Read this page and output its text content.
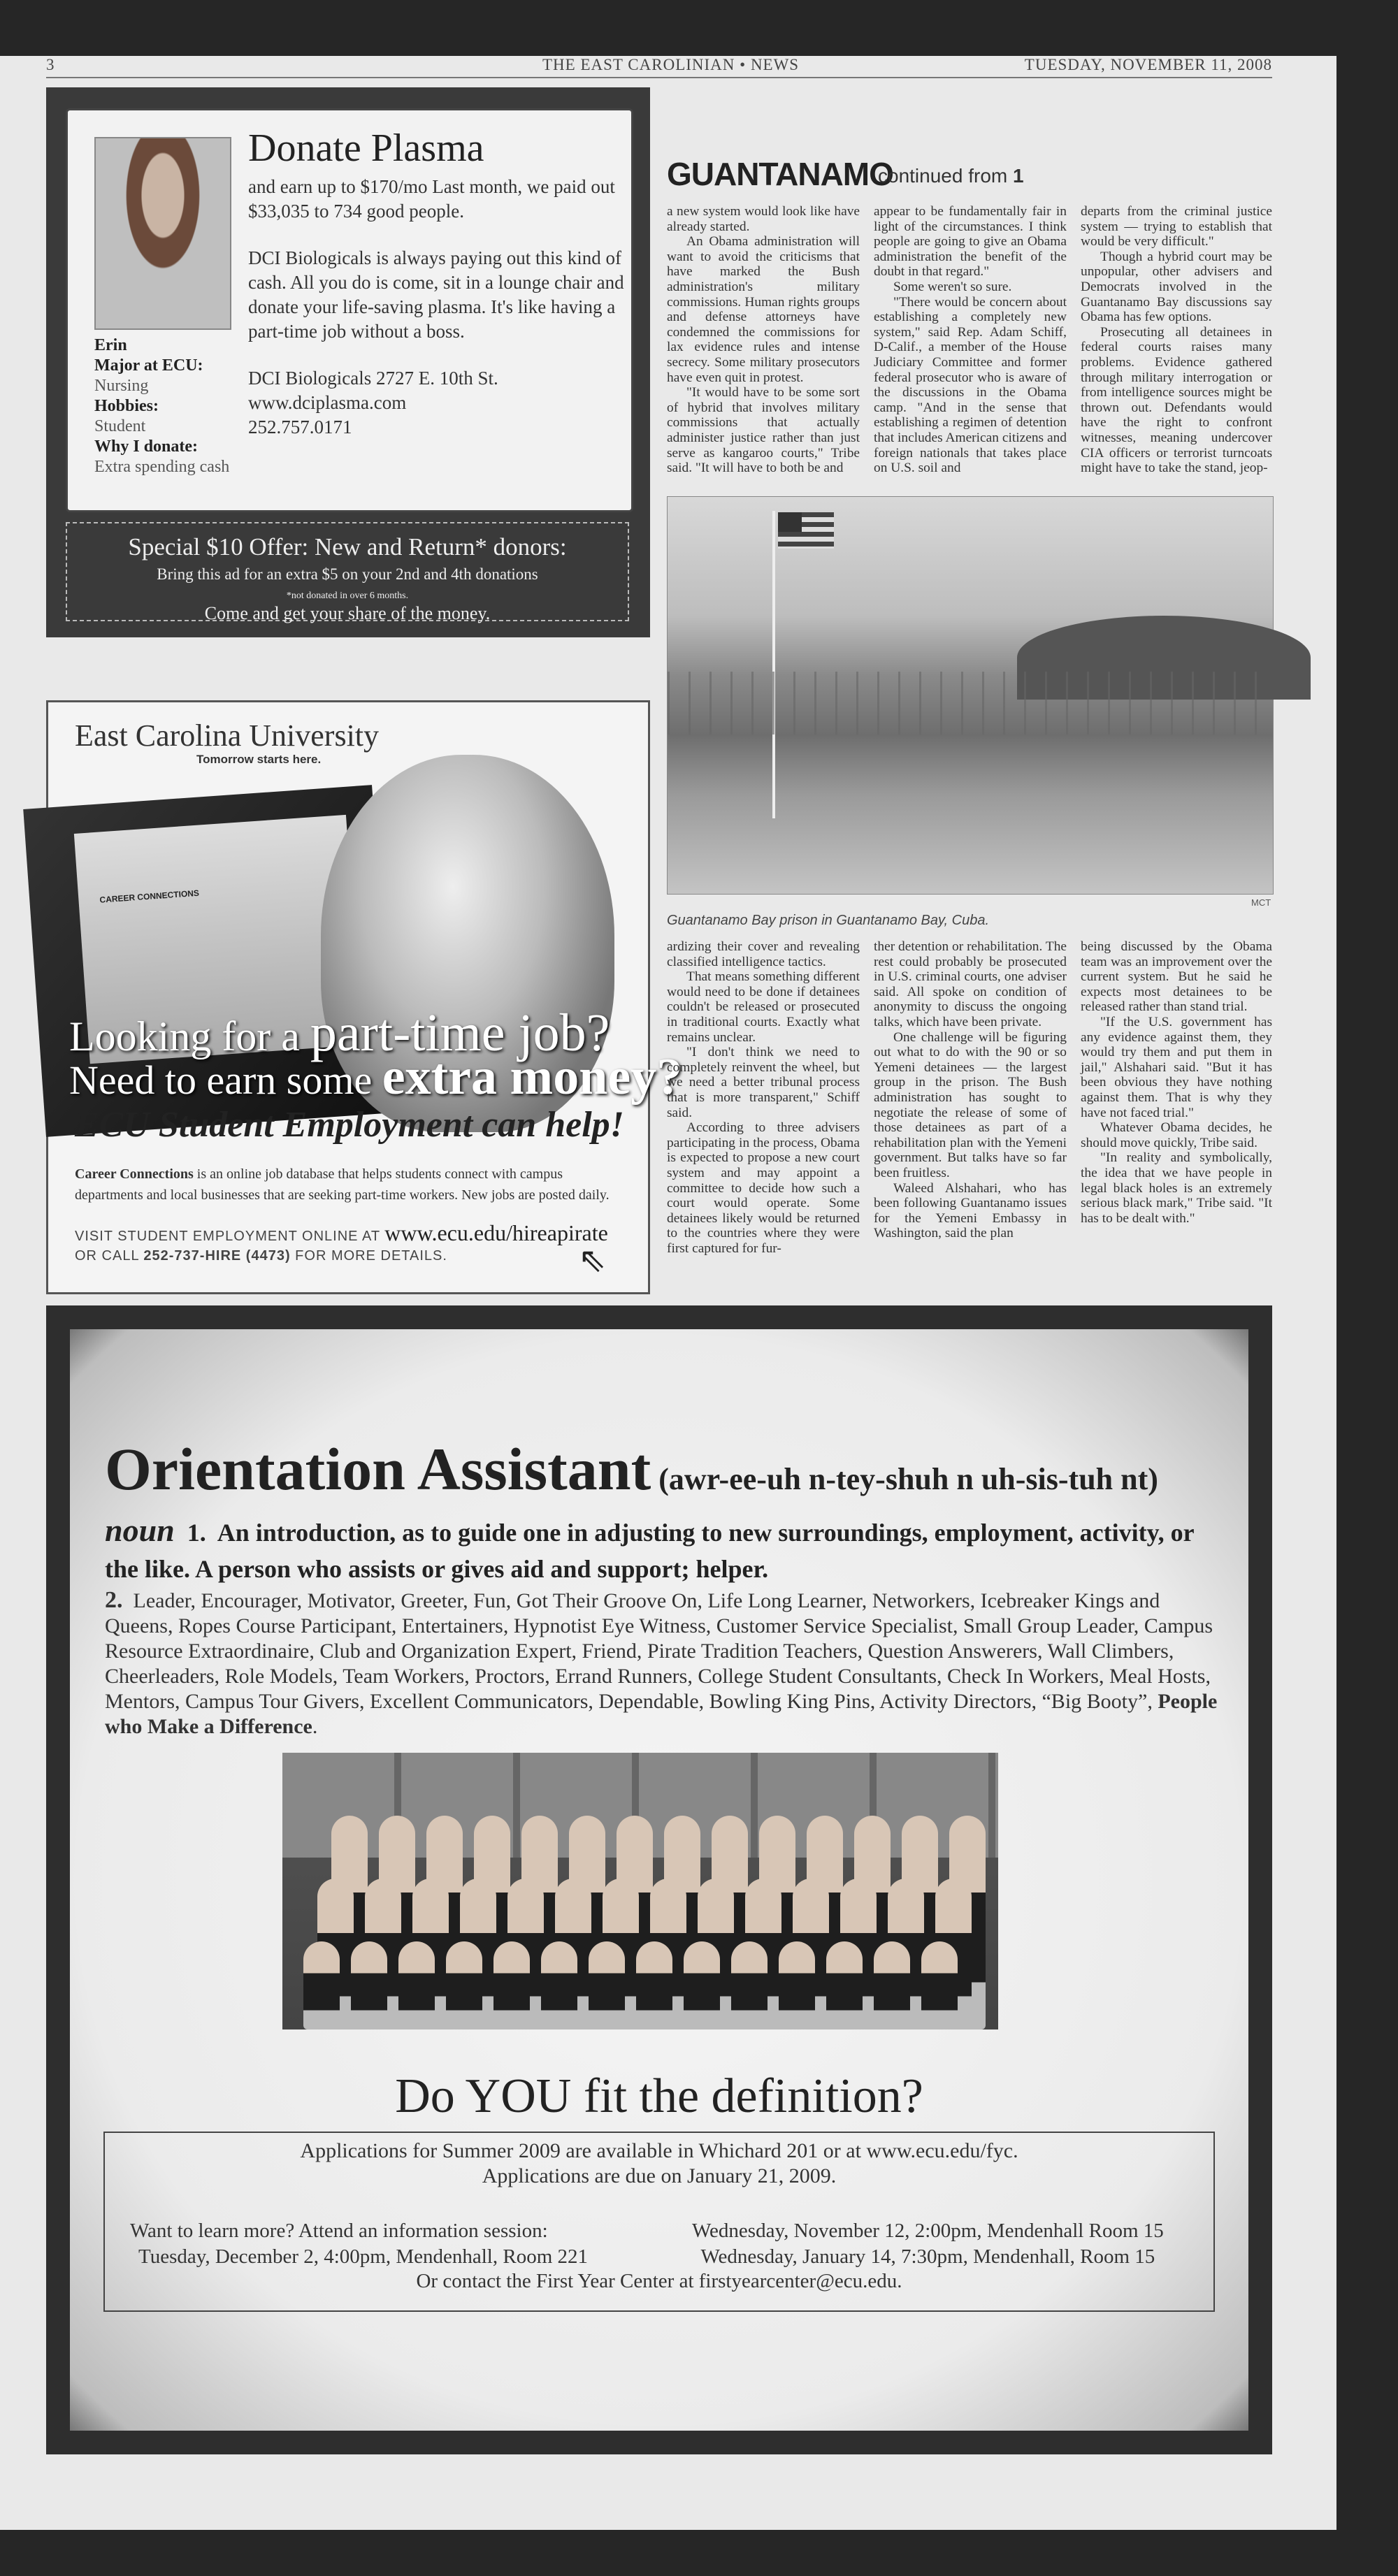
3	THE EAST CAROLINIAN • NEWS	TUESDAY, NOVEMBER 11, 2008
Erin
Major at ECU:
Nursing
Hobbies:
Student
Why I donate:
Extra spending cash
Donate Plasma

and earn up to $170/mo Last month, we paid out $33,035 to 734 good people.

DCI Biologicals is always paying out this kind of cash. All you do is come, sit in a lounge chair and donate your life-saving plasma. It's like having a part-time job without a boss.

DCI Biologicals 2727 E. 10th St.
www.dciplasma.com
252.757.0171
Special $10 Offer: New and Return* donors:
Bring this ad for an extra $5 on your 2nd and 4th donations
*not donated in over 6 months.
Come and get your share of the money.
East Carolina University
Tomorrow starts here.
CAREER CONNECTIONS
Looking for a part-time job?
Need to earn some extra money?
ECU Student Employment can help!
Career Connections is an online job database that helps students connect with campus departments and local businesses that are seeking part-time workers. New jobs are posted daily.
VISIT STUDENT EMPLOYMENT ONLINE AT www.ecu.edu/hireapirate
OR CALL 252-737-HIRE (4473) FOR MORE DETAILS.	⇖
GUANTANAMO
continued from 1

a new system would look like have already started.

An Obama administration will want to avoid the criticisms that have marked the Bush administration's military commissions. Human rights groups and defense attorneys have condemned the commissions for lax evidence rules and intense secrecy. Some military prosecutors have even quit in protest.

"It would have to be some sort of hybrid that involves military commissions that actually administer justice rather than just serve as kangaroo courts," Tribe said. "It will have to both be and

appear to be fundamentally fair in light of the circumstances. I think people are going to give an Obama administration the benefit of the doubt in that regard."

Some weren't so sure.

"There would be concern about establishing a completely new system," said Rep. Adam Schiff, D-Calif., a member of the House Judiciary Committee and former federal prosecutor who is aware of the discussions in the Obama camp. "And in the sense that establishing a regimen of detention that includes American citizens and foreign nationals that takes place on U.S. soil and

departs from the criminal justice system — trying to establish that would be very difficult."

Though a hybrid court may be unpopular, other advisers and Democrats involved in the Guantanamo Bay discussions say Obama has few options.

Prosecuting all detainees in federal courts raises many problems. Evidence gathered through military interrogation or from intelligence sources might be thrown out. Defendants would have the right to confront witnesses, meaning undercover CIA officers or terrorist turncoats might have to take the stand, jeop-

MCT
Guantanamo Bay prison in Guantanamo Bay, Cuba.

ardizing their cover and revealing classified intelligence tactics.

That means something different would need to be done if detainees couldn't be released or prosecuted in traditional courts. Exactly what remains unclear.

"I don't think we need to completely reinvent the wheel, but we need a better tribunal process that is more transparent," Schiff said.

According to three advisers participating in the process, Obama is expected to propose a new court system and may appoint a committee to decide how such a court would operate. Some detainees likely would be returned to the countries where they were first captured for fur-

ther detention or rehabilitation. The rest could probably be prosecuted in U.S. criminal courts, one adviser said. All spoke on condition of anonymity to discuss the ongoing talks, which have been private.

One challenge will be figuring out what to do with the 90 or so Yemeni detainees — the largest group in the prison. The Bush administration has sought to negotiate the release of some of those detainees as part of a rehabilitation plan with the Yemeni government. But talks have so far been fruitless.

Waleed Alshahari, who has been following Guantanamo issues for the Yemeni Embassy in Washington, said the plan

being discussed by the Obama team was an improvement over the current system. But he said he expects most detainees to be released rather than stand trial.

"If the U.S. government has any evidence against them, they would try them and put them in jail," Alshahari said. "But it has been obvious they have nothing against them. That is why they have not faced trial."

Whatever Obama decides, he should move quickly, Tribe said.

"In reality and symbolically, the idea that we have people in legal black holes is an extremely serious black mark," Tribe said. "It has to be dealt with."

Orientation Assistant (awr-ee-uh n-tey-shuh n uh-sis-tuh nt)
noun 1. An introduction, as to guide one in adjusting to new surroundings, employment, activity, or the like. A person who assists or gives aid and support; helper.
2. Leader, Encourager, Motivator, Greeter, Fun, Got Their Groove On, Life Long Learner, Networkers, Icebreaker Kings and Queens, Ropes Course Participant, Entertainers, Hypnotist Eye Witness, Customer Service Specialist, Small Group Leader, Campus Resource Extraordinaire, Club and Organization Expert, Friend, Pirate Tradition Teachers, Question Answerers, Wall Climbers, Cheerleaders, Role Models, Team Workers, Proctors, Errand Runners, College Student Consultants, Check In Workers, Meal Hosts, Mentors, Campus Tour Givers, Excellent Communicators, Dependable, Bowling King Pins, Activity Directors, “Big Booty”, People who Make a Difference.
Do YOU fit the definition?
Applications for Summer 2009 are available in Whichard 201 or at www.ecu.edu/fyc.
Applications are due on January 21, 2009.
Want to learn more? Attend an information session:
Tuesday, December 2, 4:00pm, Mendenhall, Room 221
Wednesday, November 12, 2:00pm, Mendenhall Room 15
Wednesday, January 14, 7:30pm, Mendenhall, Room 15
Or contact the First Year Center at firstyearcenter@ecu.edu.
